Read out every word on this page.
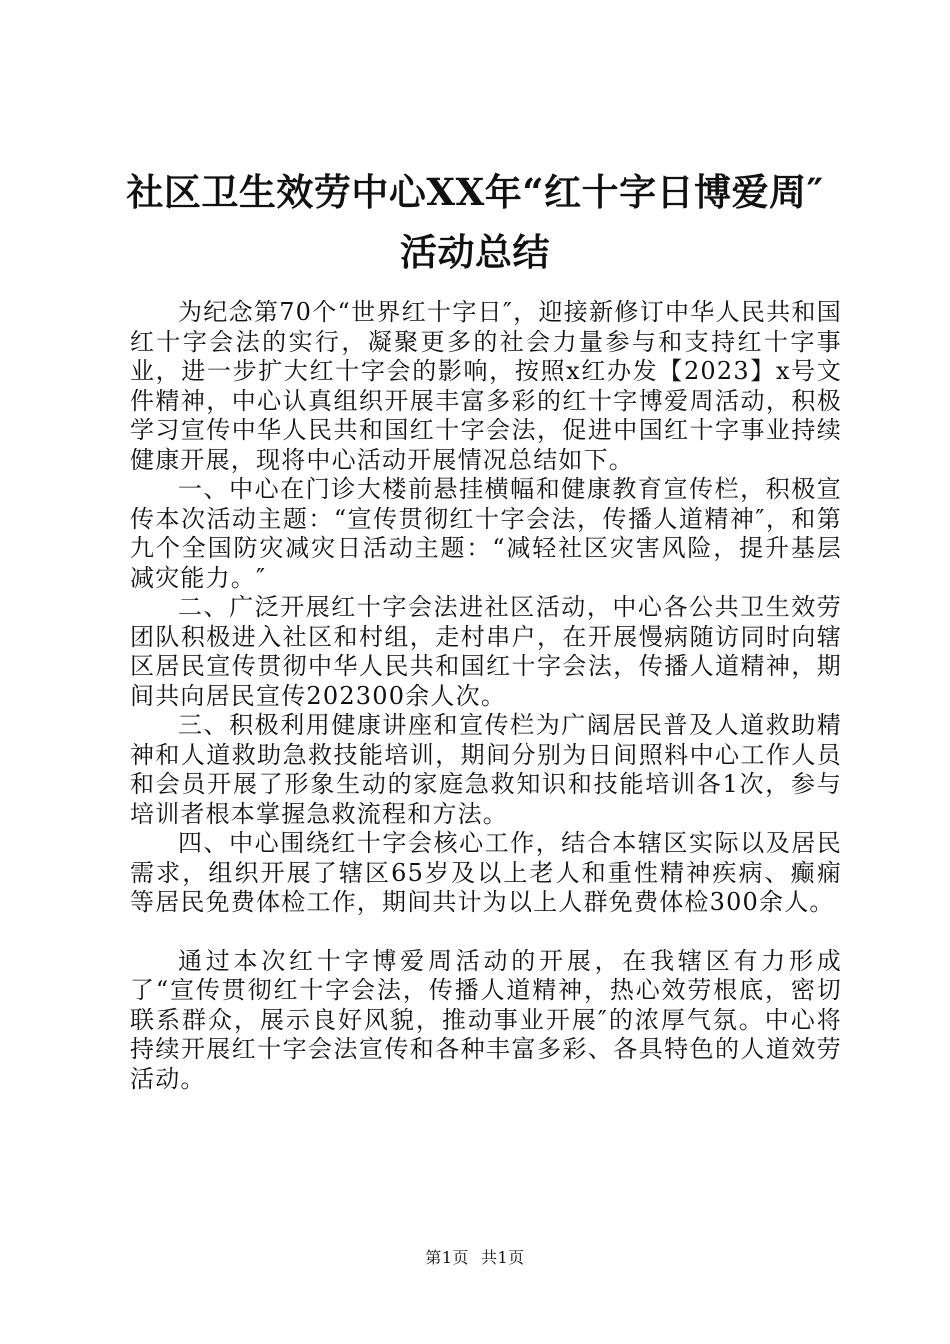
社区卫生效劳中心XX年“红十字日博爱周″
活动总结

为纪念第70个“世界红十字日″，迎接新修订中华人民共和国红十字会法的实行，凝聚更多的社会力量参与和支持红十字事业，进一步扩大红十字会的影响，按照x红办发【2023】x号文件精神，中心认真组织开展丰富多彩的红十字博爱周活动，积极学习宣传中华人民共和国红十字会法，促进中国红十字事业持续健康开展，现将中心活动开展情况总结如下。

一、中心在门诊大楼前悬挂横幅和健康教育宣传栏，积极宣传本次活动主题：“宣传贯彻红十字会法，传播人道精神″，和第九个全国防灾减灾日活动主题：“减轻社区灾害风险，提升基层减灾能力。″

二、广泛开展红十字会法进社区活动，中心各公共卫生效劳团队积极进入社区和村组，走村串户，在开展慢病随访同时向辖区居民宣传贯彻中华人民共和国红十字会法，传播人道精神，期间共向居民宣传202300余人次。

三、积极利用健康讲座和宣传栏为广阔居民普及人道救助精神和人道救助急救技能培训，期间分别为日间照料中心工作人员和会员开展了形象生动的家庭急救知识和技能培训各1次，参与培训者根本掌握急救流程和方法。

四、中心围绕红十字会核心工作，结合本辖区实际以及居民需求，组织开展了辖区65岁及以上老人和重性精神疾病、癫痫等居民免费体检工作，期间共计为以上人群免费体检300余人。

通过本次红十字博爱周活动的开展，在我辖区有力形成了“宣传贯彻红十字会法，传播人道精神，热心效劳根底，密切联系群众，展示良好风貌，推动事业开展″的浓厚气氛。中心将持续开展红十字会法宣传和各种丰富多彩、各具特色的人道效劳活动。

第1页 共1页
